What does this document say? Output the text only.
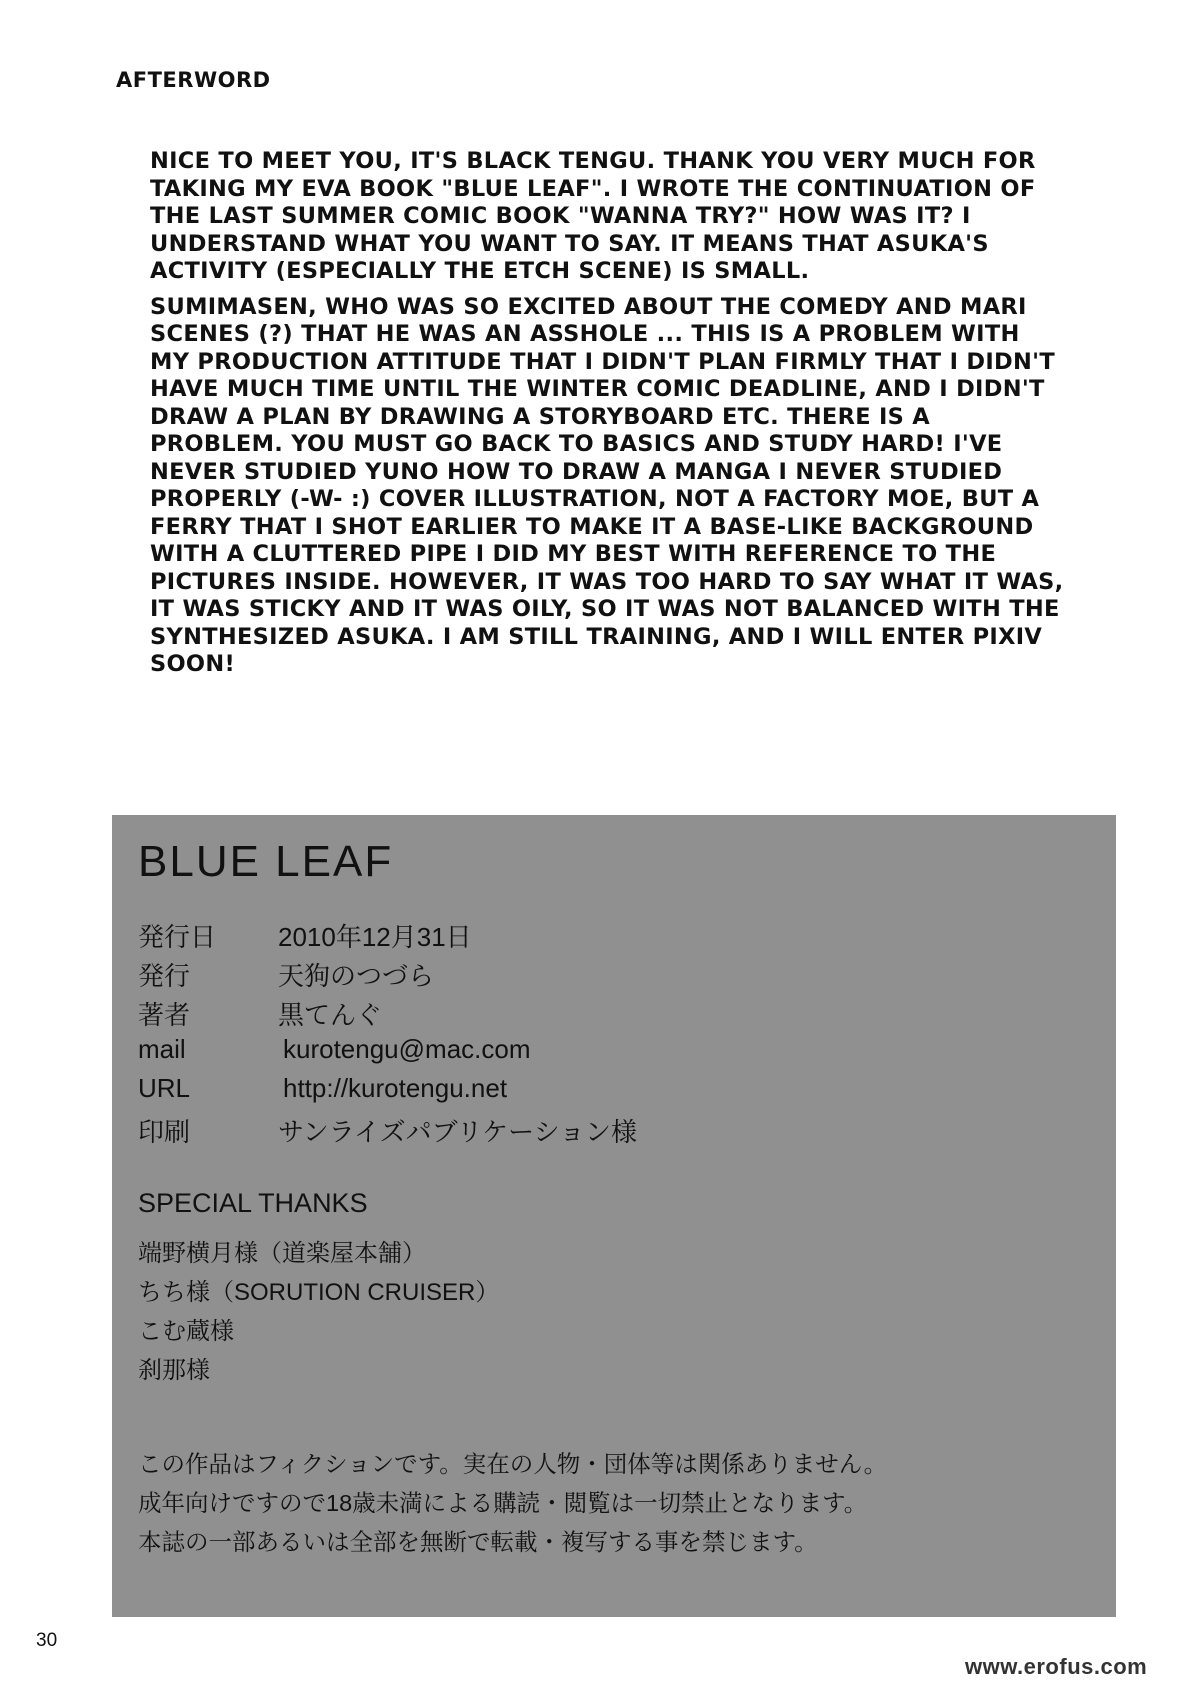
AFTERWORD

NICE TO MEET YOU, IT'S BLACK TENGU. THANK YOU VERY MUCH FOR
TAKING MY EVA BOOK "BLUE LEAF". I WROTE THE CONTINUATION OF
THE LAST SUMMER COMIC BOOK "WANNA TRY?" HOW WAS IT? I
UNDERSTAND WHAT YOU WANT TO SAY. IT MEANS THAT ASUKA'S
ACTIVITY (ESPECIALLY THE ETCH SCENE) IS SMALL.

SUMIMASEN, WHO WAS SO EXCITED ABOUT THE COMEDY AND MARI
SCENES (?) THAT HE WAS AN ASSHOLE ... THIS IS A PROBLEM WITH
MY PRODUCTION ATTITUDE THAT I DIDN'T PLAN FIRMLY THAT I DIDN'T
HAVE MUCH TIME UNTIL THE WINTER COMIC DEADLINE, AND I DIDN'T
DRAW A PLAN BY DRAWING A STORYBOARD ETC. THERE IS A
PROBLEM. YOU MUST GO BACK TO BASICS AND STUDY HARD! I'VE
NEVER STUDIED YUNO HOW TO DRAW A MANGA I NEVER STUDIED
PROPERLY (-W- :) COVER ILLUSTRATION, NOT A FACTORY MOE, BUT A
FERRY THAT I SHOT EARLIER TO MAKE IT A BASE-LIKE BACKGROUND
WITH A CLUTTERED PIPE I DID MY BEST WITH REFERENCE TO THE
PICTURES INSIDE. HOWEVER, IT WAS TOO HARD TO SAY WHAT IT WAS,
IT WAS STICKY AND IT WAS OILY, SO IT WAS NOT BALANCED WITH THE
SYNTHESIZED ASUKA. I AM STILL TRAINING, AND I WILL ENTER PIXIV
SOON!

BLUE LEAF
発行日 2010年12月31日
発行	天狗のつづら
著者	黒てんぐ
mail	kurotengu@mac.com
URL	http://kurotengu.net
印刷	サンライズパブリケーション様
SPECIAL THANKS
端野横月様（道楽屋本舗）
ちち様（SORUTION CRUISER）
こむ蔵様
刹那様
この作品はフィクションです。実在の人物・団体等は関係ありません。
成年向けですので18歳未満による購読・閲覧は一切禁止となります。
本誌の一部あるいは全部を無断で転載・複写する事を禁じます。
30
www.erofus.com
